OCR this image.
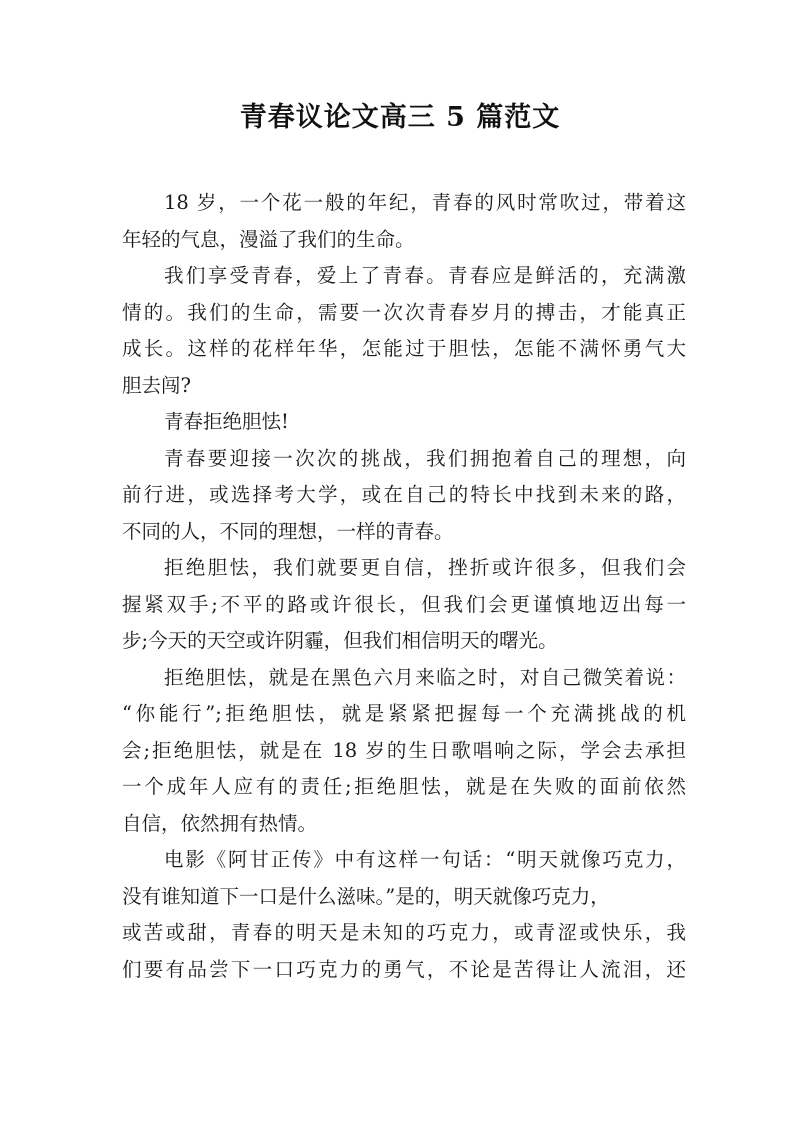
青春议论文高三 5 篇范文
18 岁，一个花一般的年纪，青春的风时常吹过，带着这
年轻的气息，漫溢了我们的生命。
我们享受青春，爱上了青春。青春应是鲜活的，充满激
情的。我们的生命，需要一次次青春岁月的搏击，才能真正
成长。这样的花样年华，怎能过于胆怯，怎能不满怀勇气大
胆去闯?
青春拒绝胆怯!
青春要迎接一次次的挑战，我们拥抱着自己的理想，向
前行进，或选择考大学，或在自己的特长中找到未来的路，
不同的人，不同的理想，一样的青春。
拒绝胆怯，我们就要更自信，挫折或许很多，但我们会
握紧双手;不平的路或许很长，但我们会更谨慎地迈出每一
步;今天的天空或许阴霾，但我们相信明天的曙光。
拒绝胆怯，就是在黑色六月来临之时，对自己微笑着说：
“你能行”;拒绝胆怯，就是紧紧把握每一个充满挑战的机
会;拒绝胆怯，就是在 18 岁的生日歌唱响之际，学会去承担
一个成年人应有的责任;拒绝胆怯，就是在失败的面前依然
自信，依然拥有热情。
电影《阿甘正传》中有这样一句话：“明天就像巧克力，
没有谁知道下一口是什么滋味。”是的，明天就像巧克力，
或苦或甜，青春的明天是未知的巧克力，或青涩或快乐，我
们要有品尝下一口巧克力的勇气，不论是苦得让人流泪，还
